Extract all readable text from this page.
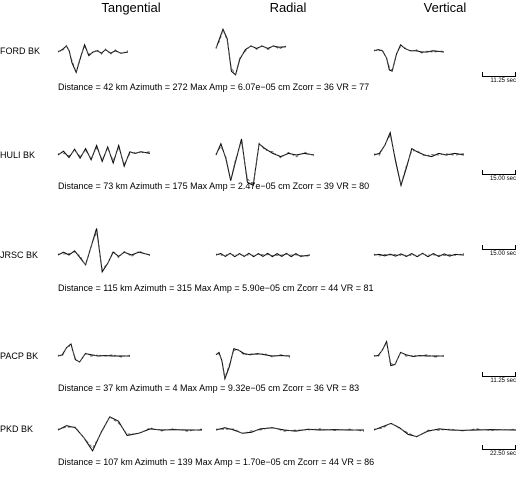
Tangential	Radial	Vertical
FORD BK
Distance = 42 km Azimuth = 272 Max Amp = 6.07e−05 cm Zcorr = 36 VR = 77
11.25 sec
HULI BK
Distance = 73 km Azimuth = 175 Max Amp = 2.47e−05 cm Zcorr = 39 VR = 80
15.00 sec
JRSC BK
Distance = 115 km Azimuth = 315 Max Amp = 5.90e−05 cm Zcorr = 44 VR = 81
15.00 sec
PACP BK
Distance = 37 km Azimuth = 4 Max Amp = 9.32e−05 cm Zcorr = 36 VR = 83
11.25 sec
PKD BK
Distance = 107 km Azimuth = 139 Max Amp = 1.70e−05 cm Zcorr = 44 VR = 86
22.50 sec
